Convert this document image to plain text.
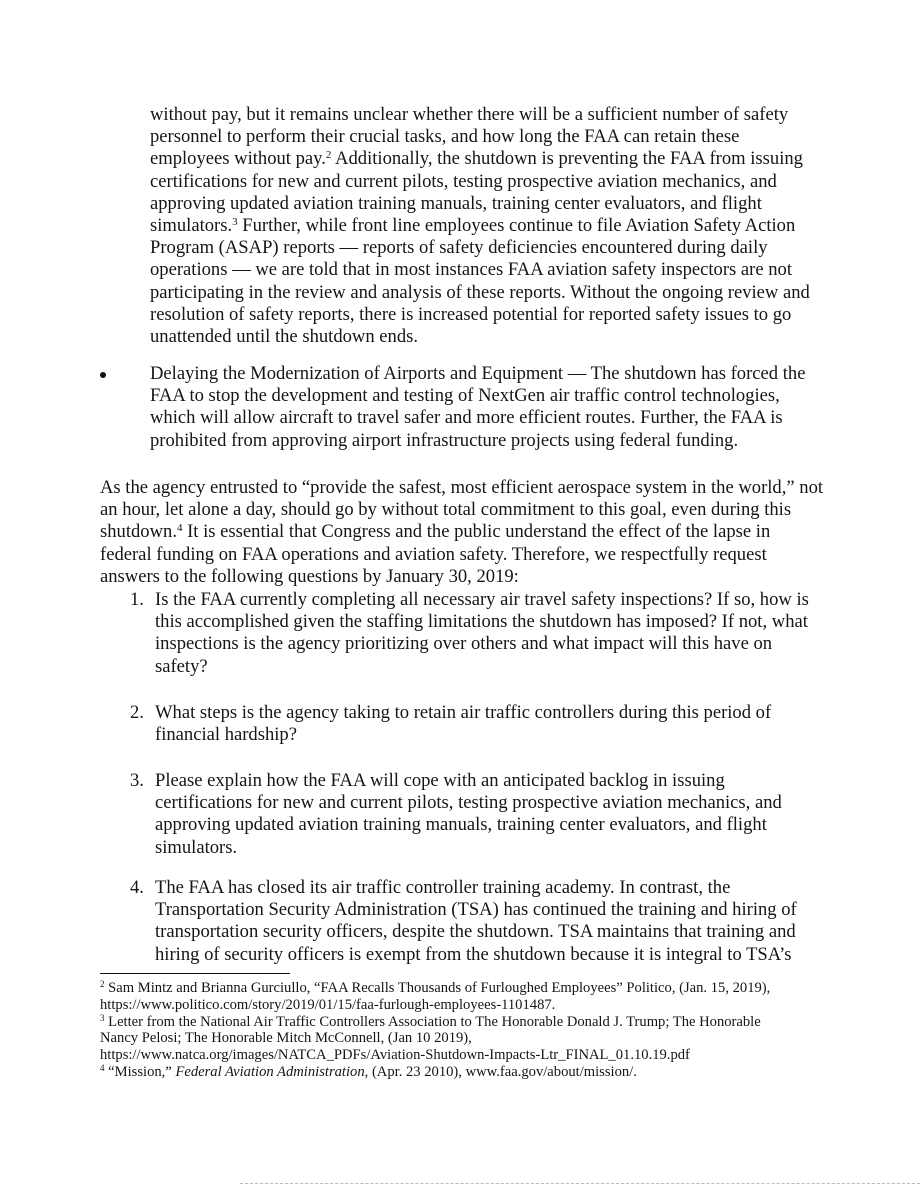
without pay, but it remains unclear whether there will be a sufficient number of safety
personnel to perform their crucial tasks, and how long the FAA can retain these
employees without pay.$^2$ Additionally, the shutdown is preventing the FAA from issuing
certifications for new and current pilots, testing prospective aviation mechanics, and
approving updated aviation training manuals, training center evaluators, and flight
simulators.$^3$ Further, while front line employees continue to file Aviation Safety Action
Program (ASAP) reports — reports of safety deficiencies encountered during daily
operations — we are told that in most instances FAA aviation safety inspectors are not
participating in the review and analysis of these reports. Without the ongoing review and
resolution of safety reports, there is increased potential for reported safety issues to go
unattended until the shutdown ends.
Delaying the Modernization of Airports and Equipment — The shutdown has forced the
FAA to stop the development and testing of NextGen air traffic control technologies,
which will allow aircraft to travel safer and more efficient routes. Further, the FAA is
prohibited from approving airport infrastructure projects using federal funding.
As the agency entrusted to “provide the safest, most efficient aerospace system in the world,” not
an hour, let alone a day, should go by without total commitment to this goal, even during this
shutdown.$^4$ It is essential that Congress and the public understand the effect of the lapse in
federal funding on FAA operations and aviation safety. Therefore, we respectfully request
answers to the following questions by January 30, 2019:
1. Is the FAA currently completing all necessary air travel safety inspections? If so, how is
this accomplished given the staffing limitations the shutdown has imposed? If not, what
inspections is the agency prioritizing over others and what impact will this have on
safety?
2. What steps is the agency taking to retain air traffic controllers during this period of
financial hardship?
3. Please explain how the FAA will cope with an anticipated backlog in issuing
certifications for new and current pilots, testing prospective aviation mechanics, and
approving updated aviation training manuals, training center evaluators, and flight
simulators.
4. The FAA has closed its air traffic controller training academy. In contrast, the
Transportation Security Administration (TSA) has continued the training and hiring of
transportation security officers, despite the shutdown. TSA maintains that training and
hiring of security officers is exempt from the shutdown because it is integral to TSA’s
$^2$ Sam Mintz and Brianna Gurciullo, “FAA Recalls Thousands of Furloughed Employees” Politico, (Jan. 15, 2019),
https://www.politico.com/story/2019/01/15/faa-furlough-employees-1101487.
$^3$ Letter from the National Air Traffic Controllers Association to The Honorable Donald J. Trump; The Honorable
Nancy Pelosi; The Honorable Mitch McConnell, (Jan 10 2019),
https://www.natca.org/images/NATCA_PDFs/Aviation-Shutdown-Impacts-Ltr_FINAL_01.10.19.pdf
$^4$ “Mission,” Federal Aviation Administration, (Apr. 23 2010), www.faa.gov/about/mission/.
